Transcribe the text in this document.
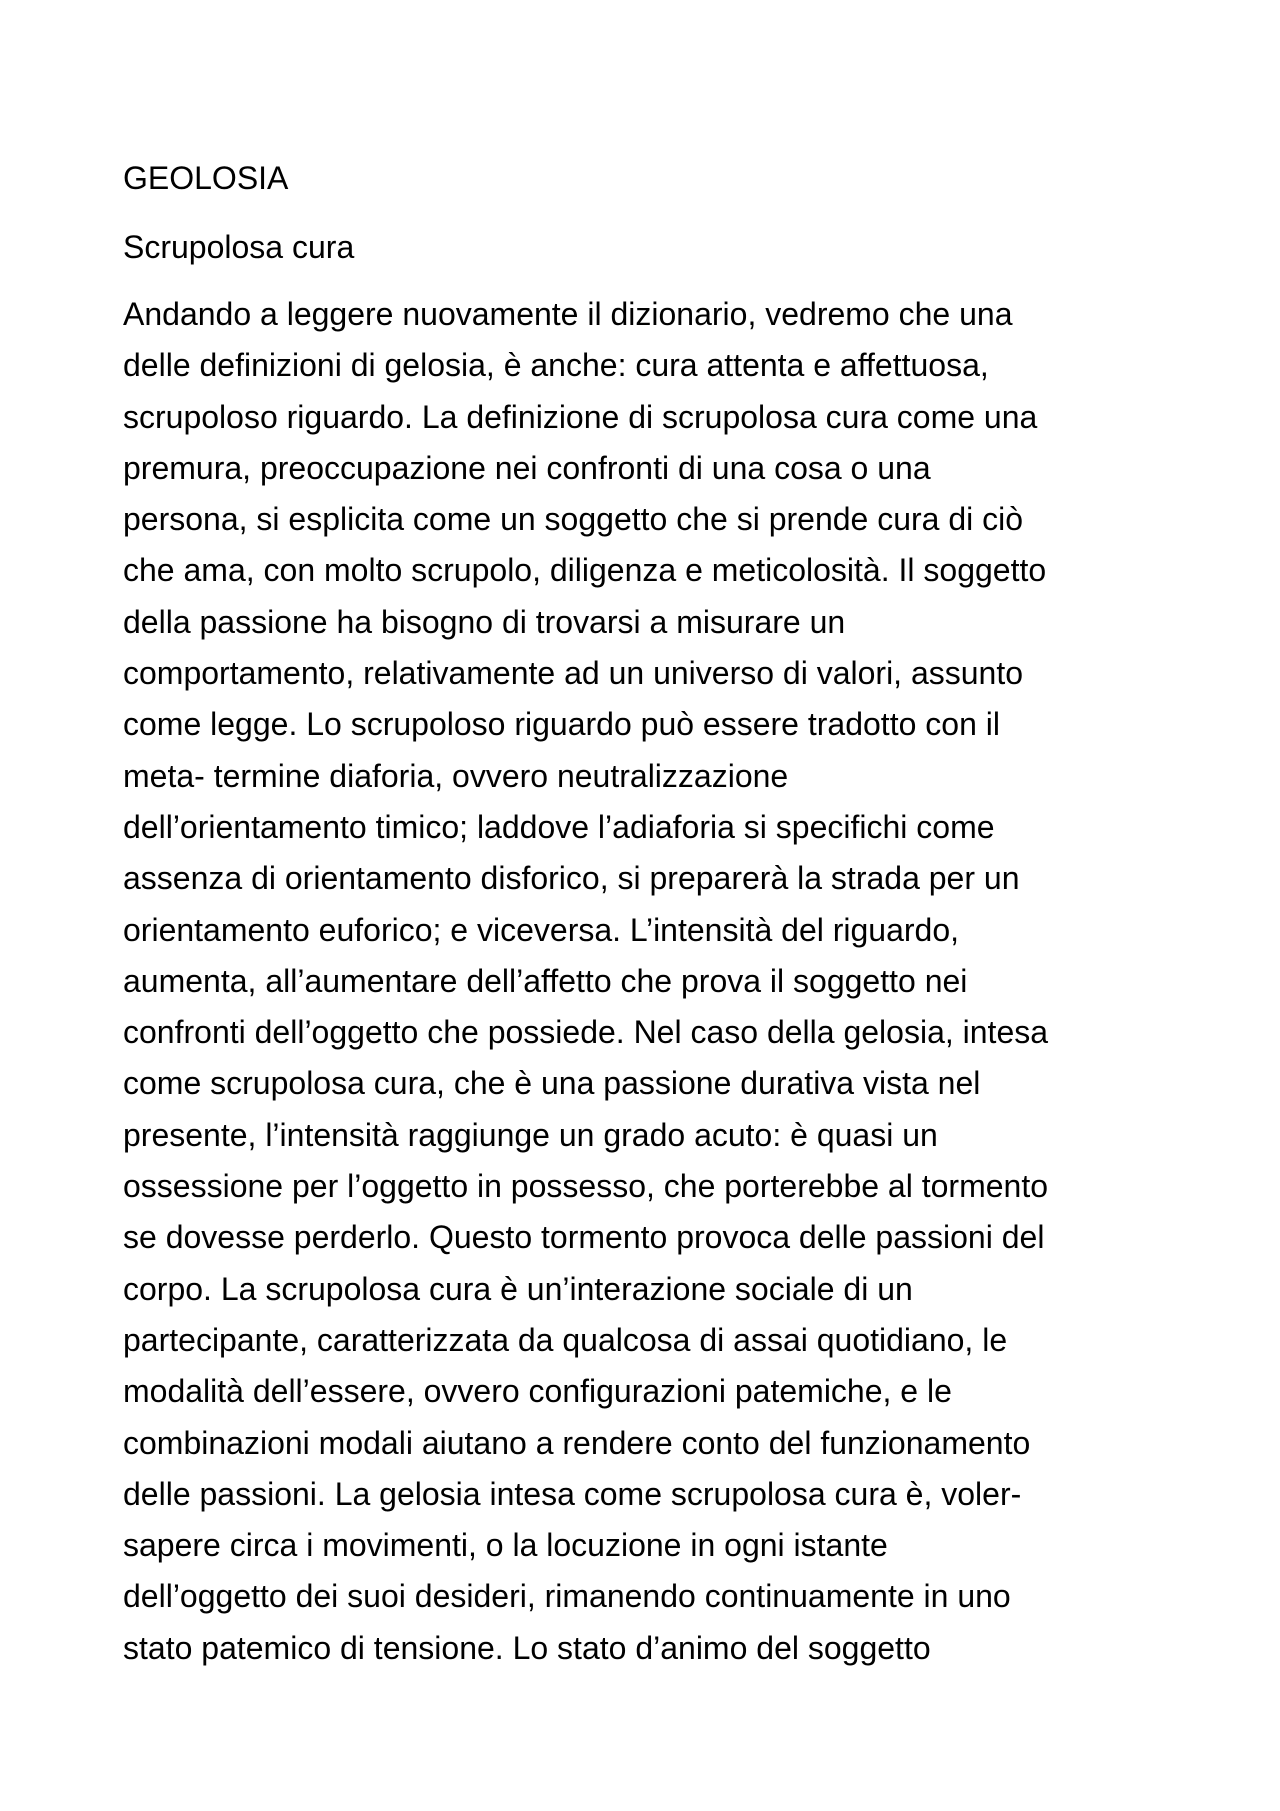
GEOLOSIA
Scrupolosa cura
Andando a leggere nuovamente il dizionario, vedremo che una
delle definizioni di gelosia, è anche: cura attenta e affettuosa,
scrupoloso riguardo. La definizione di scrupolosa cura come una
premura, preoccupazione nei confronti di una cosa o una
persona, si esplicita come un soggetto che si prende cura di ciò
che ama, con molto scrupolo, diligenza e meticolosità. Il soggetto
della passione ha bisogno di trovarsi a misurare un
comportamento, relativamente ad un universo di valori, assunto
come legge. Lo scrupoloso riguardo può essere tradotto con il
meta- termine diaforia, ovvero neutralizzazione
dell’orientamento timico; laddove l’adiaforia si specifichi come
assenza di orientamento disforico, si preparerà la strada per un
orientamento euforico; e viceversa. L’intensità del riguardo,
aumenta, all’aumentare dell’affetto che prova il soggetto nei
confronti dell’oggetto che possiede. Nel caso della gelosia, intesa
come scrupolosa cura, che è una passione durativa vista nel
presente, l’intensità raggiunge un grado acuto: è quasi un
ossessione per l’oggetto in possesso, che porterebbe al tormento
se dovesse perderlo. Questo tormento provoca delle passioni del
corpo. La scrupolosa cura è un’interazione sociale di un
partecipante, caratterizzata da qualcosa di assai quotidiano, le
modalità dell’essere, ovvero configurazioni patemiche, e le
combinazioni modali aiutano a rendere conto del funzionamento
delle passioni. La gelosia intesa come scrupolosa cura è, voler-
sapere circa i movimenti, o la locuzione in ogni istante
dell’oggetto dei suoi desideri, rimanendo continuamente in uno
stato patemico di tensione. Lo stato d’animo del soggetto
